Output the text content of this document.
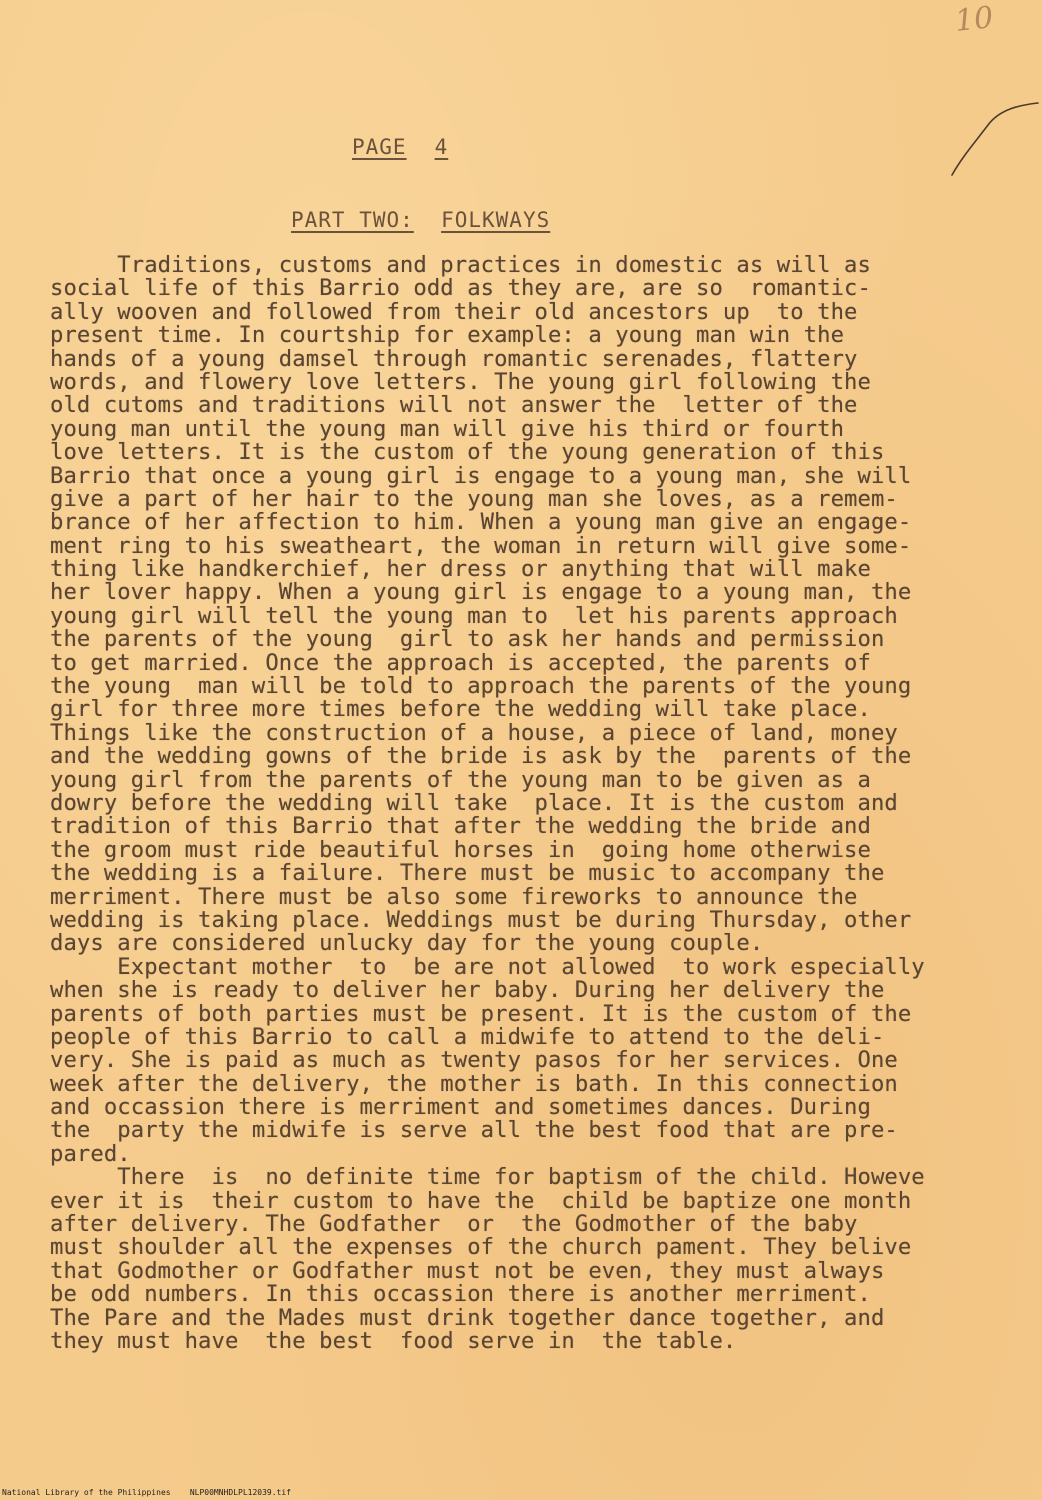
10
PAGE 4
PART TWO: FOLKWAYS
Traditions, customs and practices in domestic as will as
social life of this Barrio odd as they are, are so  romantic-
ally wooven and followed from their old ancestors up  to the
present time. In courtship for example: a young man win the
hands of a young damsel through romantic serenades, flattery
words, and flowery love letters. The young girl following the
old cutoms and traditions will not answer the  letter of the
young man until the young man will give his third or fourth
love letters. It is the custom of the young generation of this
Barrio that once a young girl is engage to a young man, she will
give a part of her hair to the young man she loves, as a remem-
brance of her affection to him. When a young man give an engage-
ment ring to his sweatheart, the woman in return will give some-
thing like handkerchief, her dress or anything that will make
her lover happy. When a young girl is engage to a young man, the
young girl will tell the young man to  let his parents approach
the parents of the young  girl to ask her hands and permission
to get married. Once the approach is accepted, the parents of
the young  man will be told to approach the parents of the young
girl for three more times before the wedding will take place.
Things like the construction of a house, a piece of land, money
and the wedding gowns of the bride is ask by the  parents of the
young girl from the parents of the young man to be given as a
dowry before the wedding will take  place. It is the custom and
tradition of this Barrio that after the wedding the bride and
the groom must ride beautiful horses in  going home otherwise
the wedding is a failure. There must be music to accompany the
merriment. There must be also some fireworks to announce the
wedding is taking place. Weddings must be during Thursday, other
days are considered unlucky day for the young couple.
Expectant mother  to  be are not allowed  to work especially
when she is ready to deliver her baby. During her delivery the
parents of both parties must be present. It is the custom of the
people of this Barrio to call a midwife to attend to the deli-
very. She is paid as much as twenty pasos for her services. One
week after the delivery, the mother is bath. In this connection
and occassion there is merriment and sometimes dances. During
the  party the midwife is serve all the best food that are pre-
pared.
There  is  no definite time for baptism of the child. Howeve
ever it is  their custom to have the  child be baptize one month
after delivery. The Godfather  or  the Godmother of the baby
must shoulder all the expenses of the church pament. They belive
that Godmother or Godfather must not be even, they must always
be odd numbers. In this occassion there is another merriment.
The Pare and the Mades must drink together dance together, and
they must have  the best  food serve in  the table.
National Library of the Philippines    NLP00MNHDLPL12039.tif
